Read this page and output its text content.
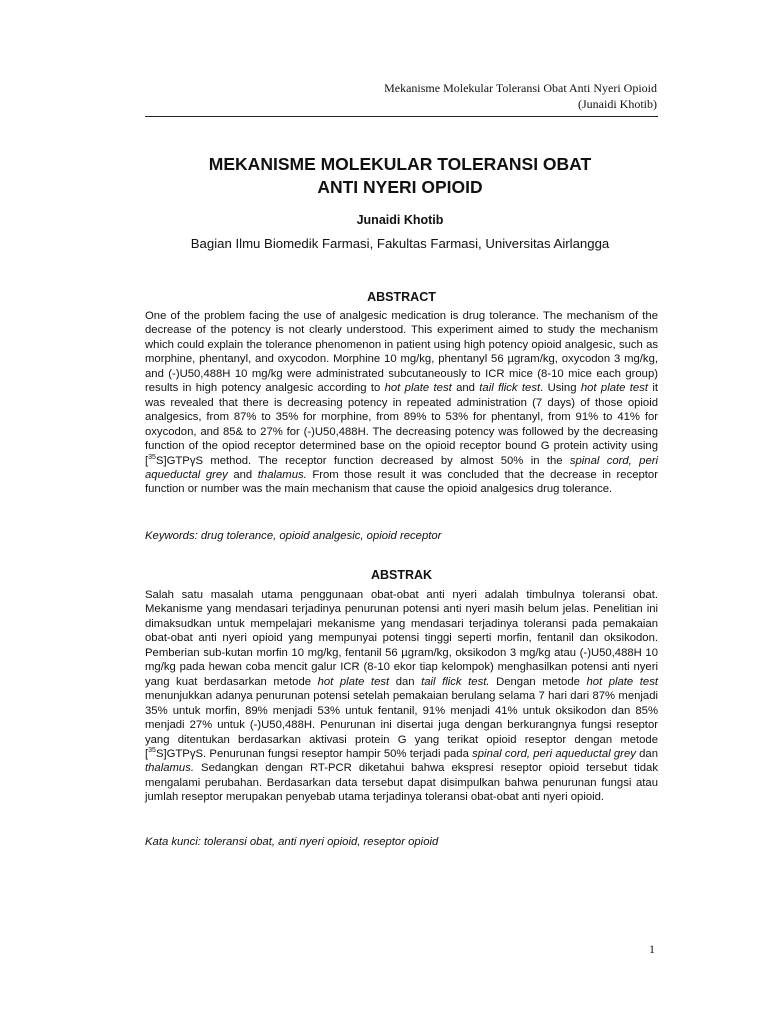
Mekanisme Molekular Toleransi Obat Anti Nyeri Opioid
(Junaidi Khotib)
MEKANISME MOLEKULAR TOLERANSI OBAT
ANTI NYERI OPIOID
Junaidi Khotib
Bagian Ilmu Biomedik Farmasi, Fakultas Farmasi, Universitas Airlangga
ABSTRACT

One of the problem facing the use of analgesic medication is drug tolerance. The mechanism of the decrease of the potency is not clearly understood. This experiment aimed to study the mechanism which could explain the tolerance phenomenon in patient using high potency opioid analgesic, such as morphine, phentanyl, and oxycodon. Morphine 10 mg/kg, phentanyl 56 µgram/kg, oxycodon 3 mg/kg, and (-)U50,488H 10 mg/kg were administrated subcutaneously to ICR mice (8-10 mice each group) results in high potency analgesic according to hot plate test and tail flick test. Using hot plate test it was revealed that there is decreasing potency in repeated administration (7 days) of those opioid analgesics, from 87% to 35% for morphine, from 89% to 53% for phentanyl, from 91% to 41% for oxycodon, and 85& to 27% for (-)U50,488H. The decreasing potency was followed by the decreasing function of the opiod receptor determined base on the opioid receptor bound G protein activity using [$^{35}$S]GTPγS method. The receptor function decreased by almost 50% in the spinal cord, peri aqueductal grey and thalamus. From those result it was concluded that the decrease in receptor function or number was the main mechanism that cause the opioid analgesics drug tolerance.

Keywords: drug tolerance, opioid analgesic, opioid receptor
ABSTRAK

Salah satu masalah utama penggunaan obat-obat anti nyeri adalah timbulnya toleransi obat. Mekanisme yang mendasari terjadinya penurunan potensi anti nyeri masih belum jelas. Penelitian ini dimaksudkan untuk mempelajari mekanisme yang mendasari terjadinya toleransi pada pemakaian obat-obat anti nyeri opioid yang mempunyai potensi tinggi seperti morfin, fentanil dan oksikodon. Pemberian sub-kutan morfin 10 mg/kg, fentanil 56 µgram/kg, oksikodon 3 mg/kg atau (-)U50,488H 10 mg/kg pada hewan coba mencit galur ICR (8-10 ekor tiap kelompok) menghasilkan potensi anti nyeri yang kuat berdasarkan metode hot plate test dan tail flick test. Dengan metode hot plate test menunjukkan adanya penurunan potensi setelah pemakaian berulang selama 7 hari dari 87% menjadi 35% untuk morfin, 89% menjadi 53% untuk fentanil, 91% menjadi 41% untuk oksikodon dan 85% menjadi 27% untuk (-)U50,488H. Penurunan ini disertai juga dengan berkurangnya fungsi reseptor yang ditentukan berdasarkan aktivasi protein G yang terikat opioid reseptor dengan metode [$^{35}$S]GTPγS. Penurunan fungsi reseptor hampir 50% terjadi pada spinal cord, peri aqueductal grey dan thalamus. Sedangkan dengan RT-PCR diketahui bahwa ekspresi reseptor opioid tersebut tidak mengalami perubahan. Berdasarkan data tersebut dapat disimpulkan bahwa penurunan fungsi atau jumlah reseptor merupakan penyebab utama terjadinya toleransi obat-obat anti nyeri opioid.

Kata kunci: toleransi obat, anti nyeri opioid, reseptor opioid
1
